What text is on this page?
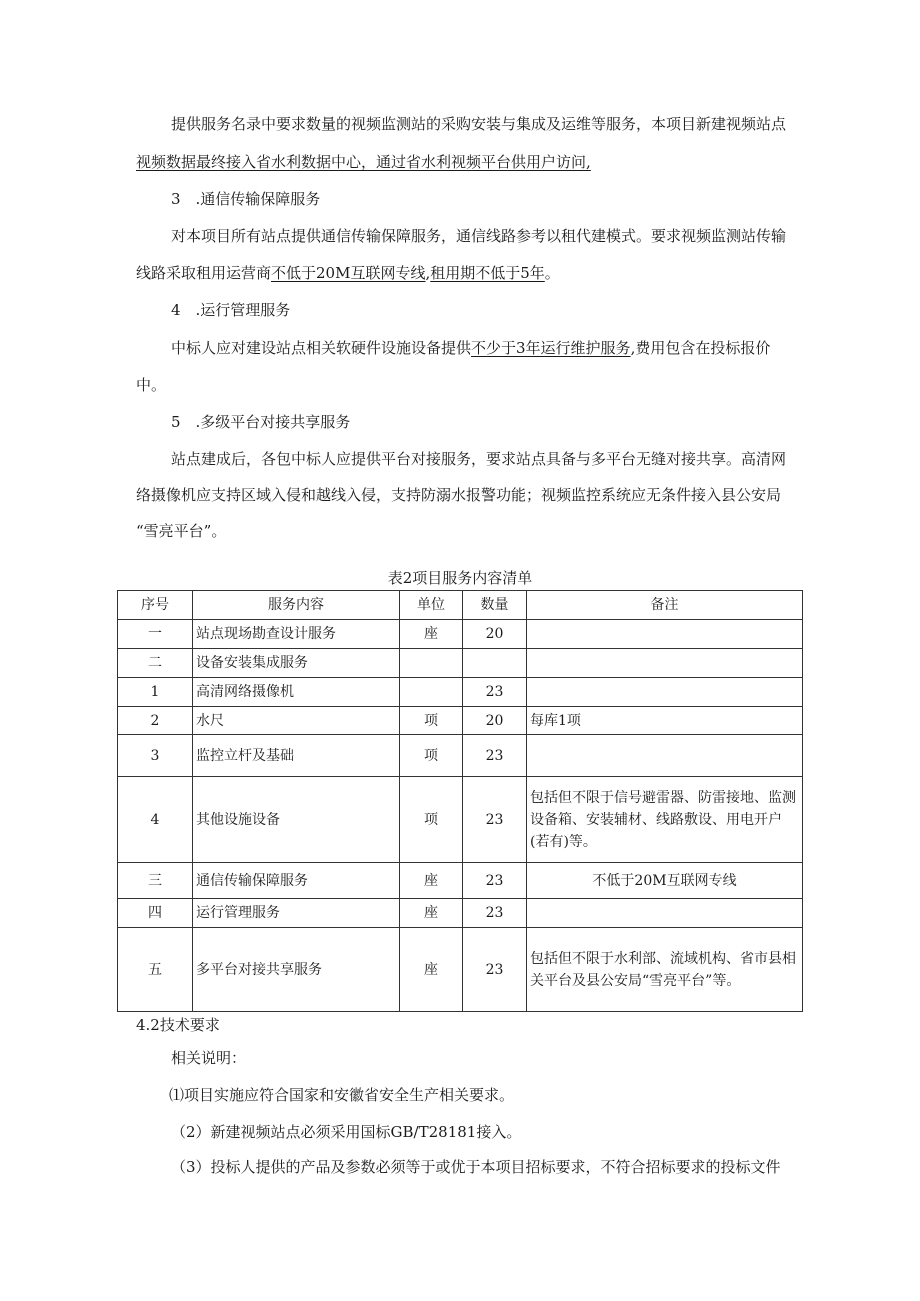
提供服务名录中要求数量的视频监测站的采购安装与集成及运维等服务，本项目新建视频站点
视频数据最终接入省水利数据中心，通过省水利视频平台供用户访问,
3　.通信传输保障服务
对本项目所有站点提供通信传输保障服务，通信线路参考以租代建模式。要求视频监测站传输
线路采取租用运营商不低于20M互联网专线,租用期不低于5年。
4　.运行管理服务
中标人应对建设站点相关软硬件设施设备提供不少于3年运行维护服务,费用包含在投标报价
中。
5　.多级平台对接共享服务
站点建成后，各包中标人应提供平台对接服务，要求站点具备与多平台无缝对接共享。高清网
络摄像机应支持区域入侵和越线入侵，支持防溺水报警功能；视频监控系统应无条件接入县公安局
“雪亮平台”。
表2项目服务内容清单
序号	服务内容	单位	数量	备注
一	站点现场勘查设计服务	座	20	
二	设备安装集成服务			
1	高清网络摄像机		23	
2	水尺	项	20	每库1项
3	监控立杆及基础	项	23	
4	其他设施设备	项	23	包括但不限于信号避雷器、防雷接地、监测设备箱、安装辅材、线路敷设、用电开户(若有)等。
三	通信传输保障服务	座	23	不低于20M互联网专线
四	运行管理服务	座	23	
五	多平台对接共享服务	座	23	包括但不限于水利部、流域机构、省市县相关平台及县公安局“雪亮平台”等。
4.2技术要求
相关说明：
⑴项目实施应符合国家和安徽省安全生产相关要求。
（2）新建视频站点必须采用国标GB/T28181接入。
（3）投标人提供的产品及参数必须等于或优于本项目招标要求，不符合招标要求的投标文件
